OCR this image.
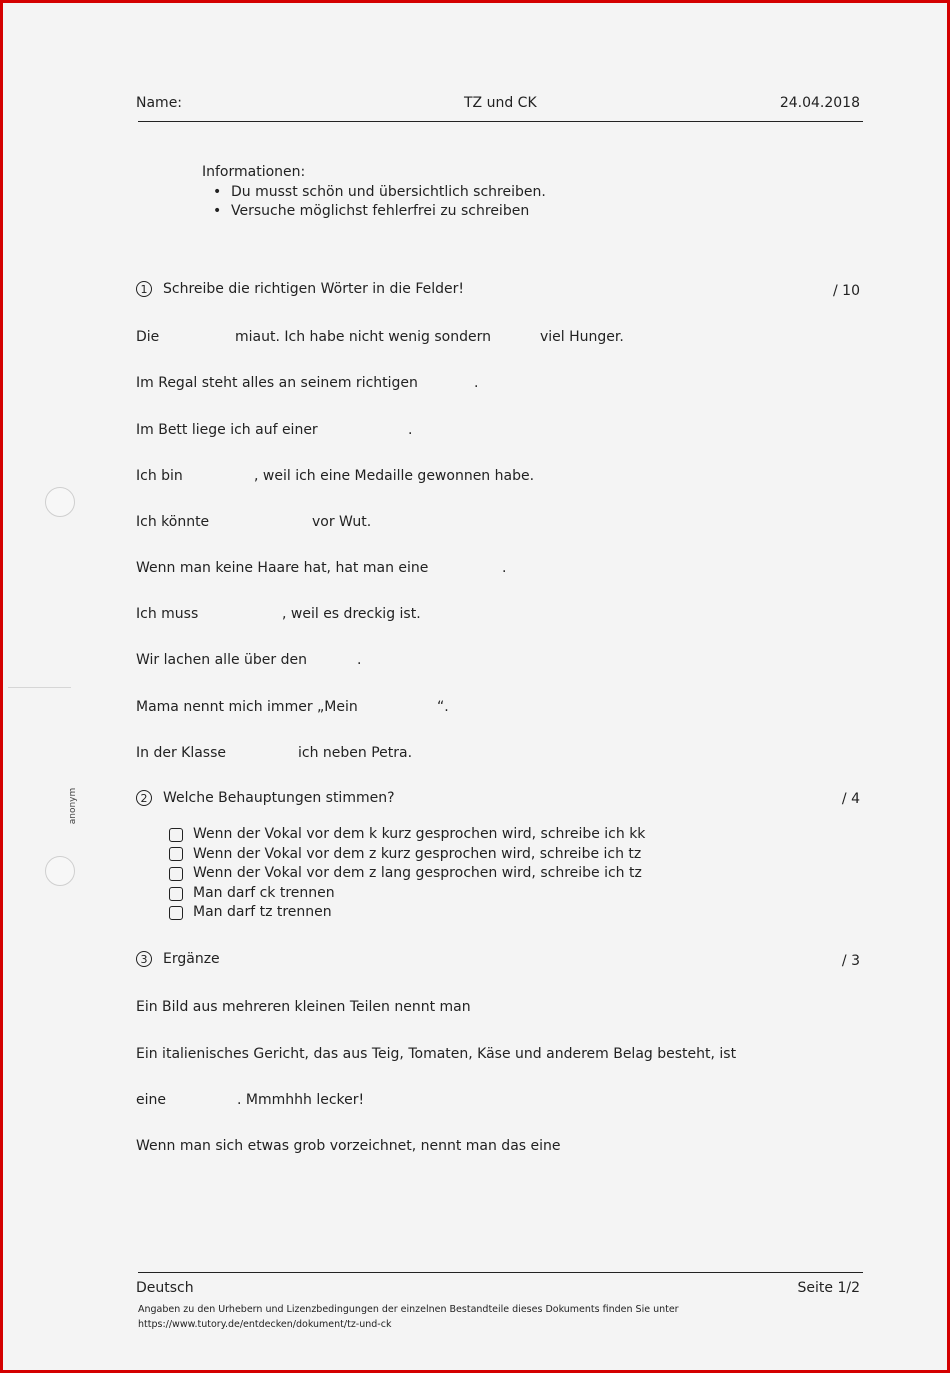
anonym
Name:	TZ und CK	24.04.2018
Informationen:
• Du musst schön und übersichtlich schreiben.
• Versuche möglichst fehlerfrei zu schreiben
1 Schreibe die richtigen Wörter in die Felder!	/ 10
Die	miaut. Ich habe nicht wenig sondern	viel Hunger.
Im Regal steht alles an seinem richtigen	.
Im Bett liege ich auf einer	.
Ich bin	, weil ich eine Medaille gewonnen habe.
Ich könnte	vor Wut.
Wenn man keine Haare hat, hat man eine	.
Ich muss	, weil es dreckig ist.
Wir lachen alle über den	.
Mama nennt mich immer „Mein	“.
In der Klasse	ich neben Petra.
2 Welche Behauptungen stimmen?	/ 4
Wenn der Vokal vor dem k kurz gesprochen wird, schreibe ich kk
Wenn der Vokal vor dem z kurz gesprochen wird, schreibe ich tz
Wenn der Vokal vor dem z lang gesprochen wird, schreibe ich tz
Man darf ck trennen
Man darf tz trennen
3 Ergänze	/ 3
Ein Bild aus mehreren kleinen Teilen nennt man
Ein italienisches Gericht, das aus Teig, Tomaten, Käse und anderem Belag besteht, ist
eine	. Mmmhhh lecker!
Wenn man sich etwas grob vorzeichnet, nennt man das eine
Deutsch	Seite 1/2
Angaben zu den Urhebern und Lizenzbedingungen der einzelnen Bestandteile dieses Dokuments finden Sie unter
https://www.tutory.de/entdecken/dokument/tz-und-ck
